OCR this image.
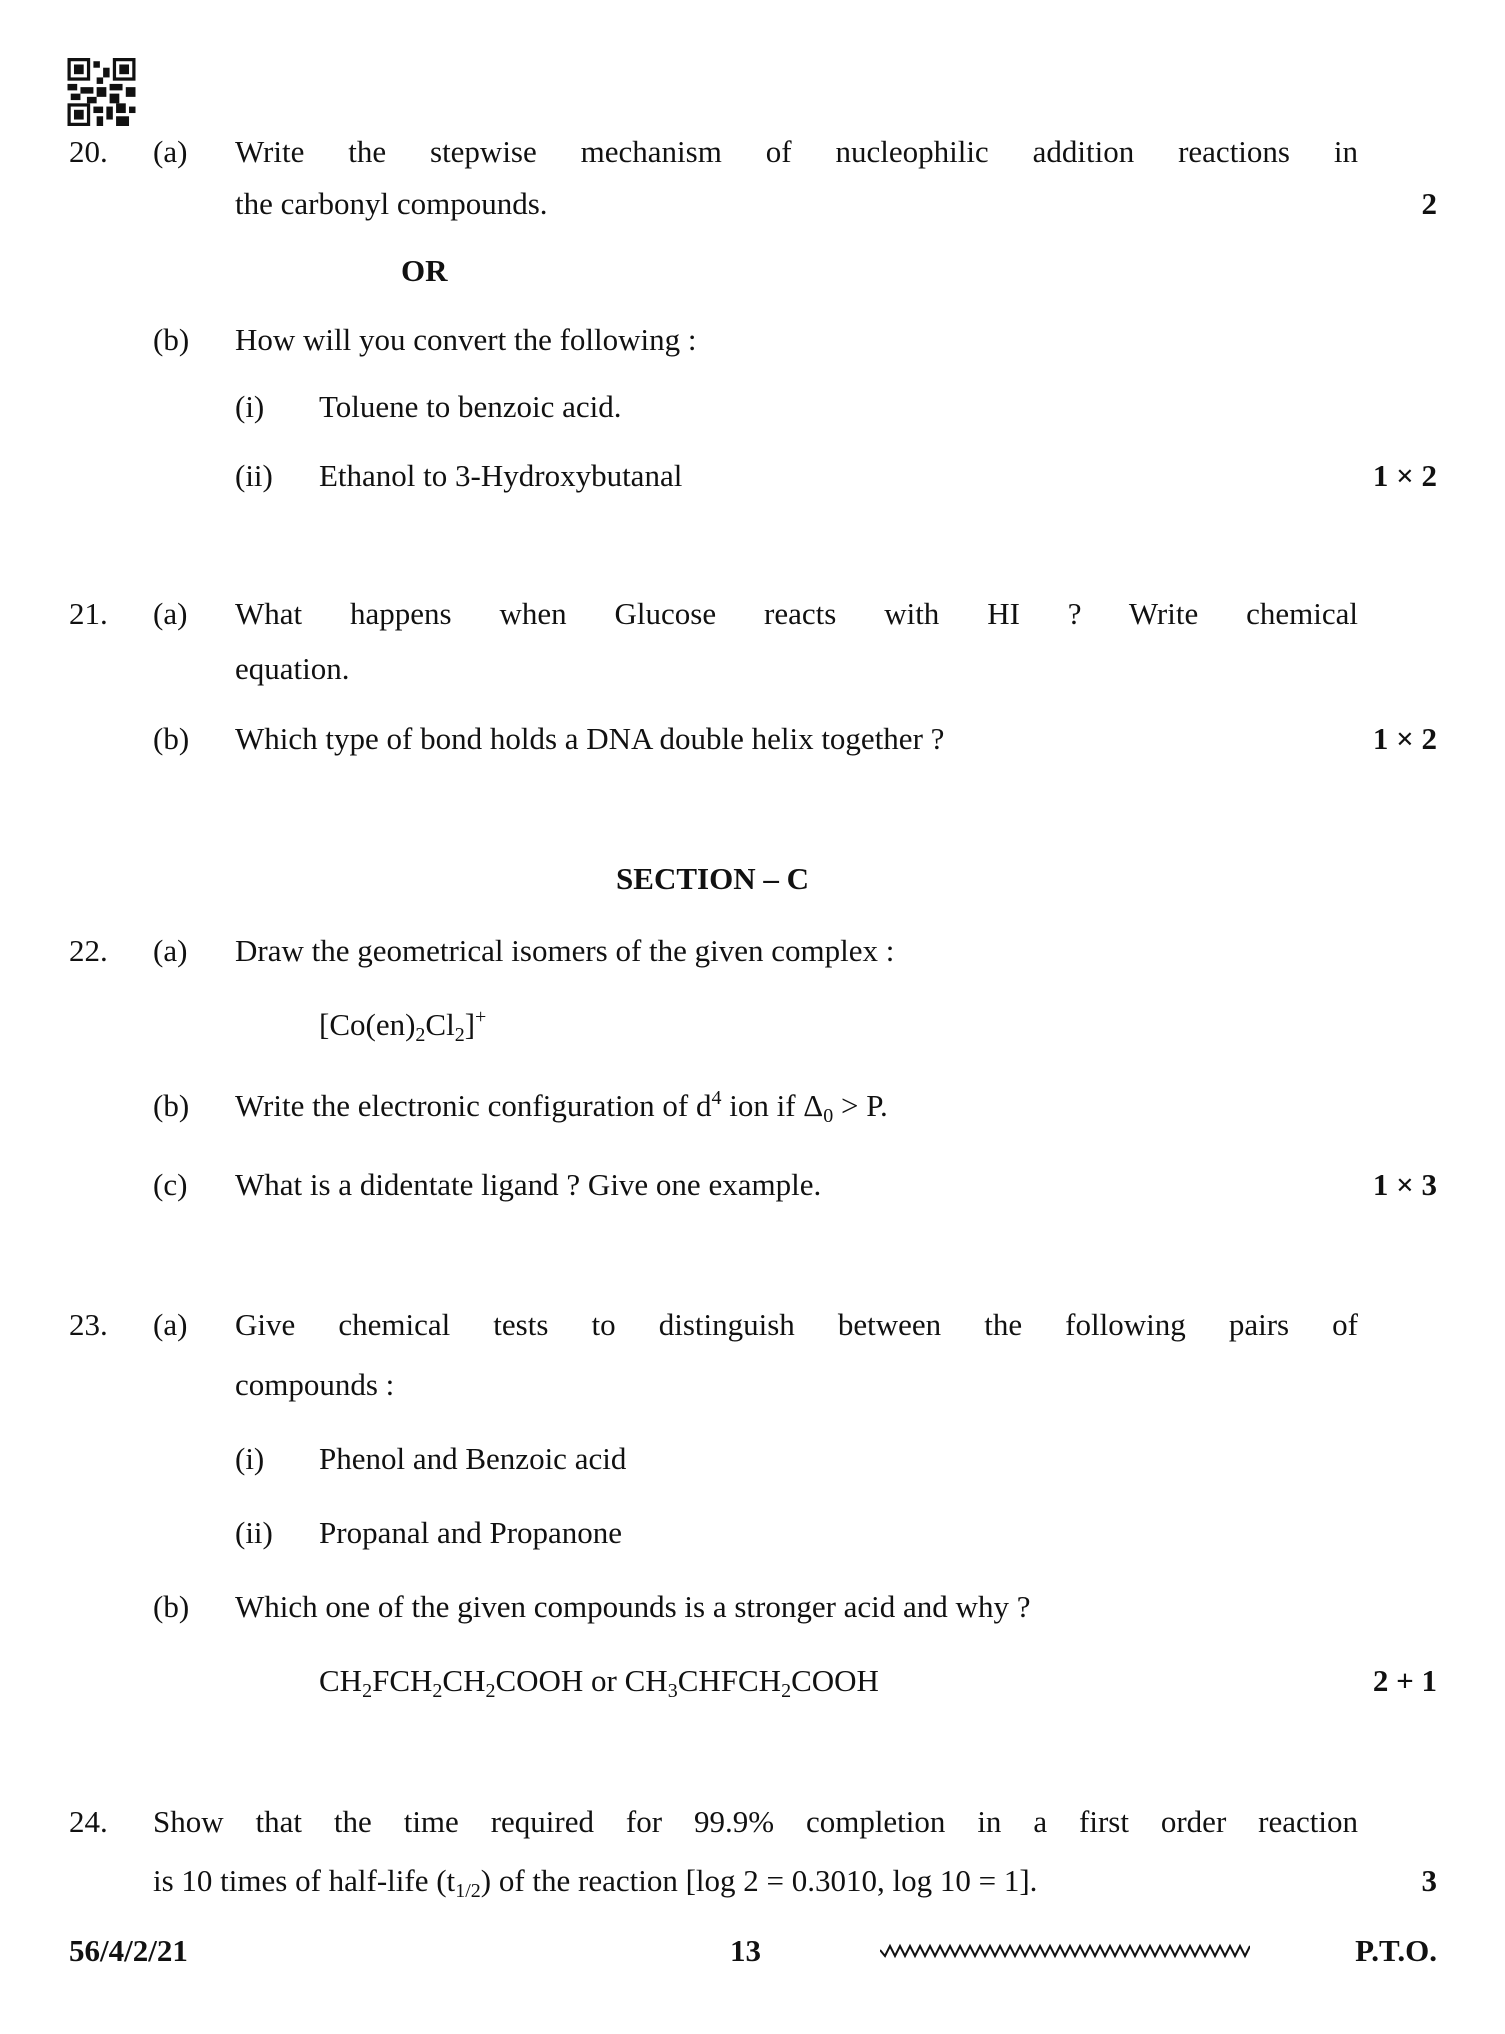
20. (a) Write the stepwise mechanism of nucleophilic addition reactions in
the carbonyl compounds.	2
OR
(b) How will you convert the following :
(i) Toluene to benzoic acid.
(ii) Ethanol to 3-Hydroxybutanal	1 × 2
21. (a) What happens when Glucose reacts with HI ? Write chemical
equation.
(b) Which type of bond holds a DNA double helix together ?	1 × 2
SECTION – C
22. (a) Draw the geometrical isomers of the given complex :
$[Co(en)_2Cl_2]^+$
(b) Write the electronic configuration of $d^4$ ion if $\Delta_0 > P$.
(c) What is a didentate ligand ? Give one example.	1 × 3
23. (a) Give chemical tests to distinguish between the following pairs of
compounds :
(i) Phenol and Benzoic acid
(ii) Propanal and Propanone
(b) Which one of the given compounds is a stronger acid and why ?
$CH_2FCH_2CH_2COOH$ or $CH_3CHFCH_2COOH$	2 + 1
24. Show that the time required for 99.9% completion in a first order reaction
is 10 times of half-life $(t_{1/2})$ of the reaction [log 2 = 0.3010, log 10 = 1].	3
56/4/2/21	13	P.T.O.
